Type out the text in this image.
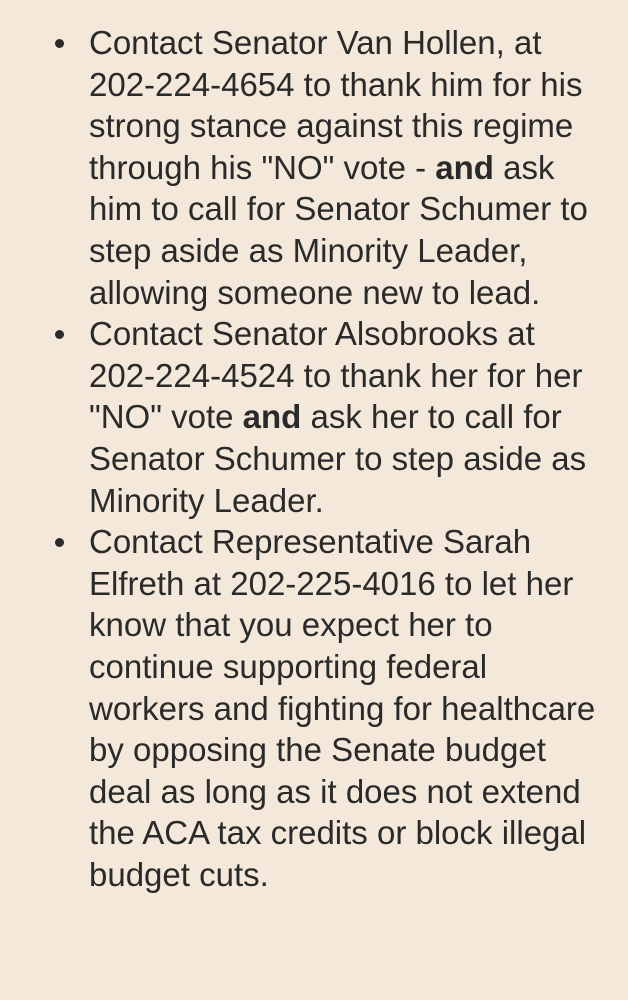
Contact Senator Van Hollen, at 202-224-4654 to thank him for his strong stance against this regime through his "NO" vote - and ask him to call for Senator Schumer to step aside as Minority Leader, allowing someone new to lead.
Contact Senator Alsobrooks at 202-224-4524 to thank her for her "NO" vote and ask her to call for Senator Schumer to step aside as Minority Leader.
Contact Representative Sarah Elfreth at 202-225-4016 to let her know that you expect her to continue supporting federal workers and fighting for healthcare by opposing the Senate budget deal as long as it does not extend the ACA tax credits or block illegal budget cuts.
